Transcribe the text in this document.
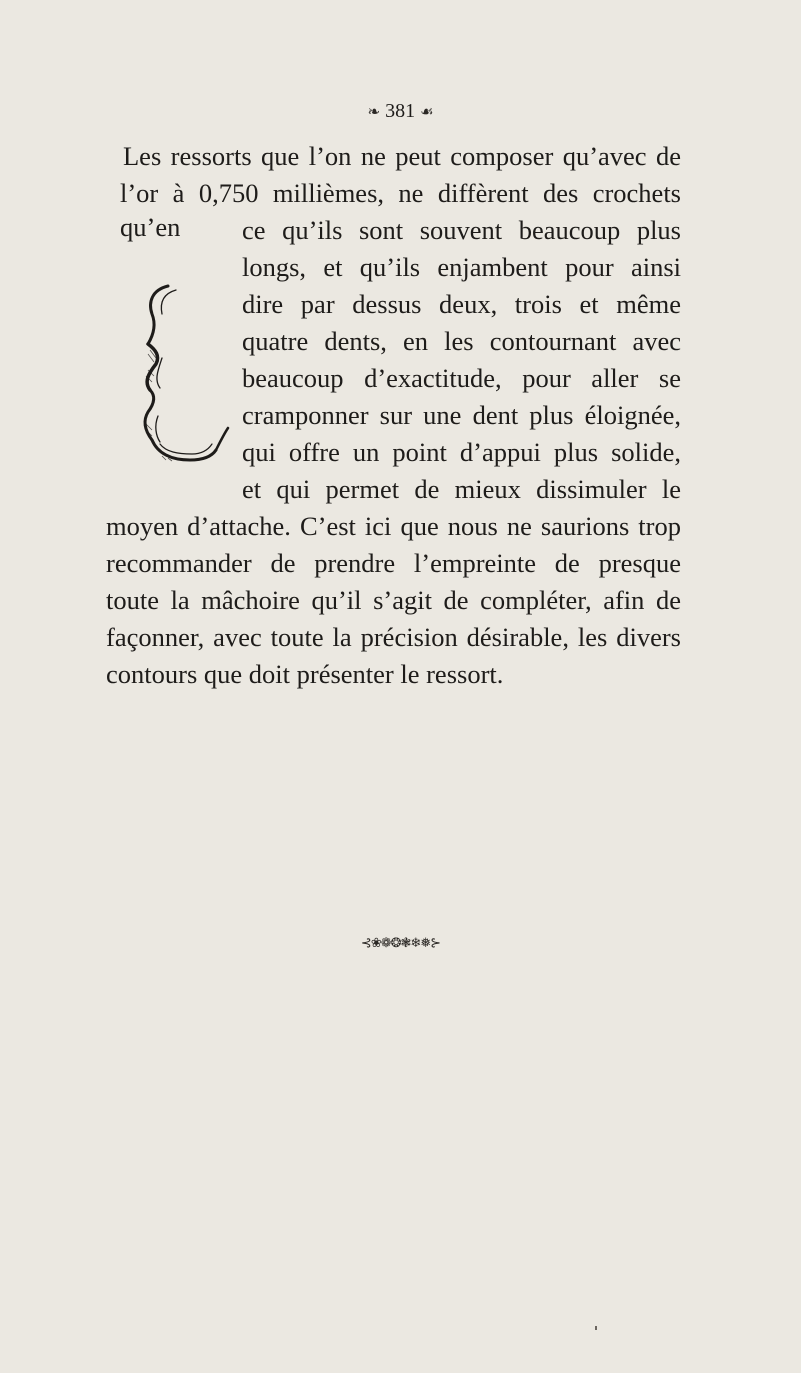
❧ 381 ☙
Les ressorts que l’on ne peut composer qu’avec de
l’or à 0,750 millièmes, ne diffèrent des crochets qu’en	ce qu’ils sont souvent beaucoup plus
longs, et qu’ils enjambent pour ainsi
dire par dessus deux, trois et même
quatre dents, en les contournant avec
beaucoup d’exactitude, pour aller se
cramponner sur une dent plus éloignée,
qui offre un point d’appui plus solide,
et qui permet de mieux dissimuler le
moyen d’attache. C’est ici que nous ne saurions trop
recommander de prendre l’empreinte de presque
toute la mâchoire qu’il s’agit de compléter, afin de
façonner, avec toute la précision désirable, les divers
contours que doit présenter le ressort.
⊰❀❁❂❃❄❅⊱
